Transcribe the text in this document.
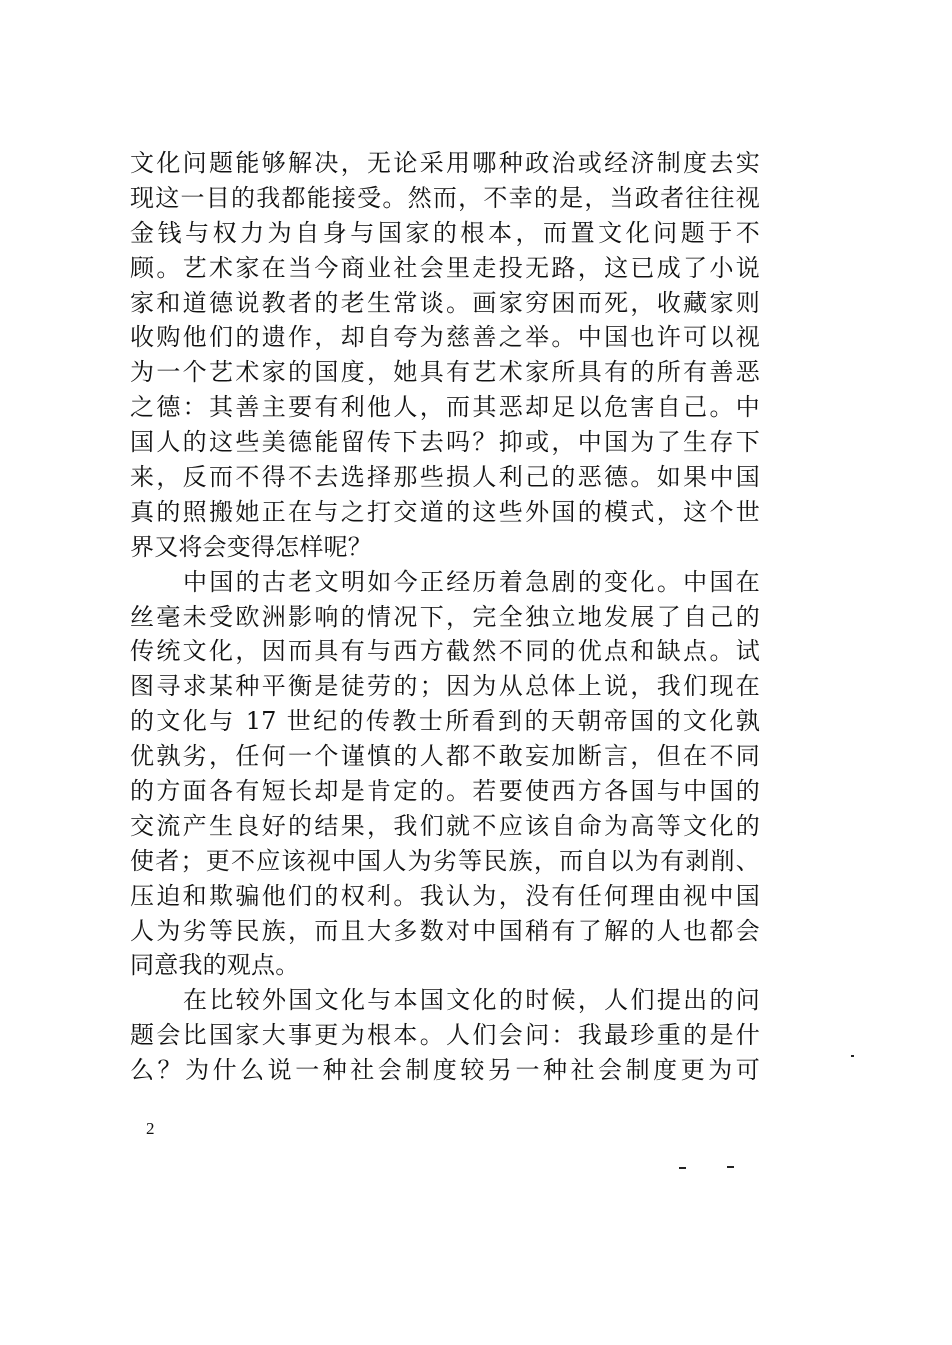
文化问题能够解决，无论采用哪种政治或经济制度去实
现这一目的我都能接受。然而，不幸的是，当政者往往视
金钱与权力为自身与国家的根本，而置文化问题于不
顾。艺术家在当今商业社会里走投无路，这已成了小说
家和道德说教者的老生常谈。画家穷困而死，收藏家则
收购他们的遗作，却自夸为慈善之举。中国也许可以视
为一个艺术家的国度，她具有艺术家所具有的所有善恶
之德：其善主要有利他人，而其恶却足以危害自己。中
国人的这些美德能留传下去吗？抑或，中国为了生存下
来，反而不得不去选择那些损人利己的恶德。如果中国
真的照搬她正在与之打交道的这些外国的模式，这个世
界又将会变得怎样呢？
中国的古老文明如今正经历着急剧的变化。中国在
丝毫未受欧洲影响的情况下，完全独立地发展了自己的
传统文化，因而具有与西方截然不同的优点和缺点。试
图寻求某种平衡是徒劳的；因为从总体上说，我们现在
的文化与 17 世纪的传教士所看到的天朝帝国的文化孰
优孰劣，任何一个谨慎的人都不敢妄加断言，但在不同
的方面各有短长却是肯定的。若要使西方各国与中国的
交流产生良好的结果，我们就不应该自命为高等文化的
使者；更不应该视中国人为劣等民族，而自以为有剥削、
压迫和欺骗他们的权利。我认为，没有任何理由视中国
人为劣等民族，而且大多数对中国稍有了解的人也都会
同意我的观点。
在比较外国文化与本国文化的时候，人们提出的问
题会比国家大事更为根本。人们会问：我最珍重的是什
么？为什么说一种社会制度较另一种社会制度更为可
2
